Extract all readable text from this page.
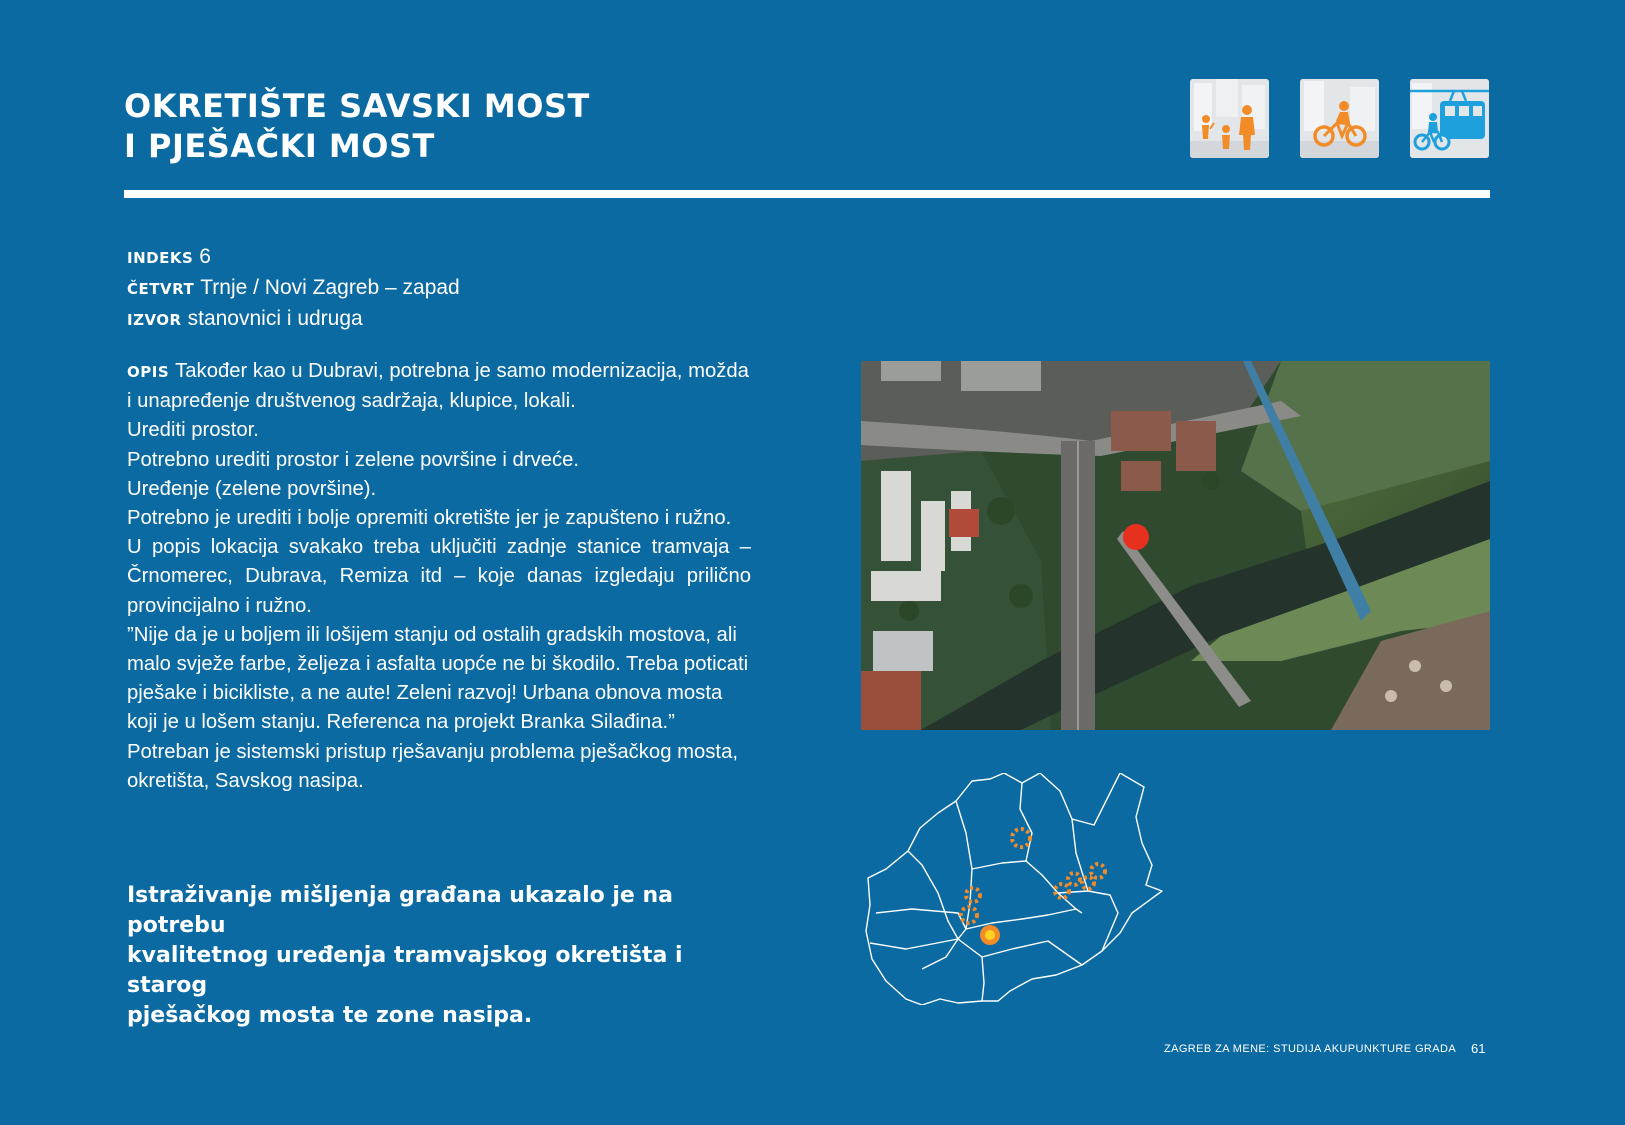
OKRETIŠTE SAVSKI MOST
I PJEŠAČKI MOST
INDEKS 6
ČETVRT Trnje / Novi Zagreb – zapad
IZVOR stanovnici i udruga

OPIS Također kao u Dubravi, potrebna je samo modernizacija, možda

i unapređenje društvenog sadržaja, klupice, lokali.

Urediti prostor.

Potrebno urediti prostor i zelene površine i drveće.

Uređenje (zelene površine).

Potrebno je urediti i bolje opremiti okretište jer je zapušteno i ružno.

U popis lokacija svakako treba uključiti zadnje stanice tramvaja –

Črnomerec, Dubrava, Remiza itd – koje danas izgledaju prilično

provincijalno i ružno.

”Nije da je u boljem ili lošijem stanju od ostalih gradskih mostova, ali

malo svježe farbe, željeza i asfalta uopće ne bi škodilo. Treba poticati

pješake i bicikliste, a ne aute! Zeleni razvoj! Urbana obnova mosta

koji je u lošem stanju. Referenca na projekt Branka Silađina.”

Potreban je sistemski pristup rješavanju problema pješačkog mosta,

okretišta, Savskog nasipa.

Istraživanje mišljenja građana ukazalo je na potrebu
kvalitetnog uređenja tramvajskog okretišta i starog
pješačkog mosta te zone nasipa.
ZAGREB ZA MENE: STUDIJA AKUPUNKTURE GRADA 61
